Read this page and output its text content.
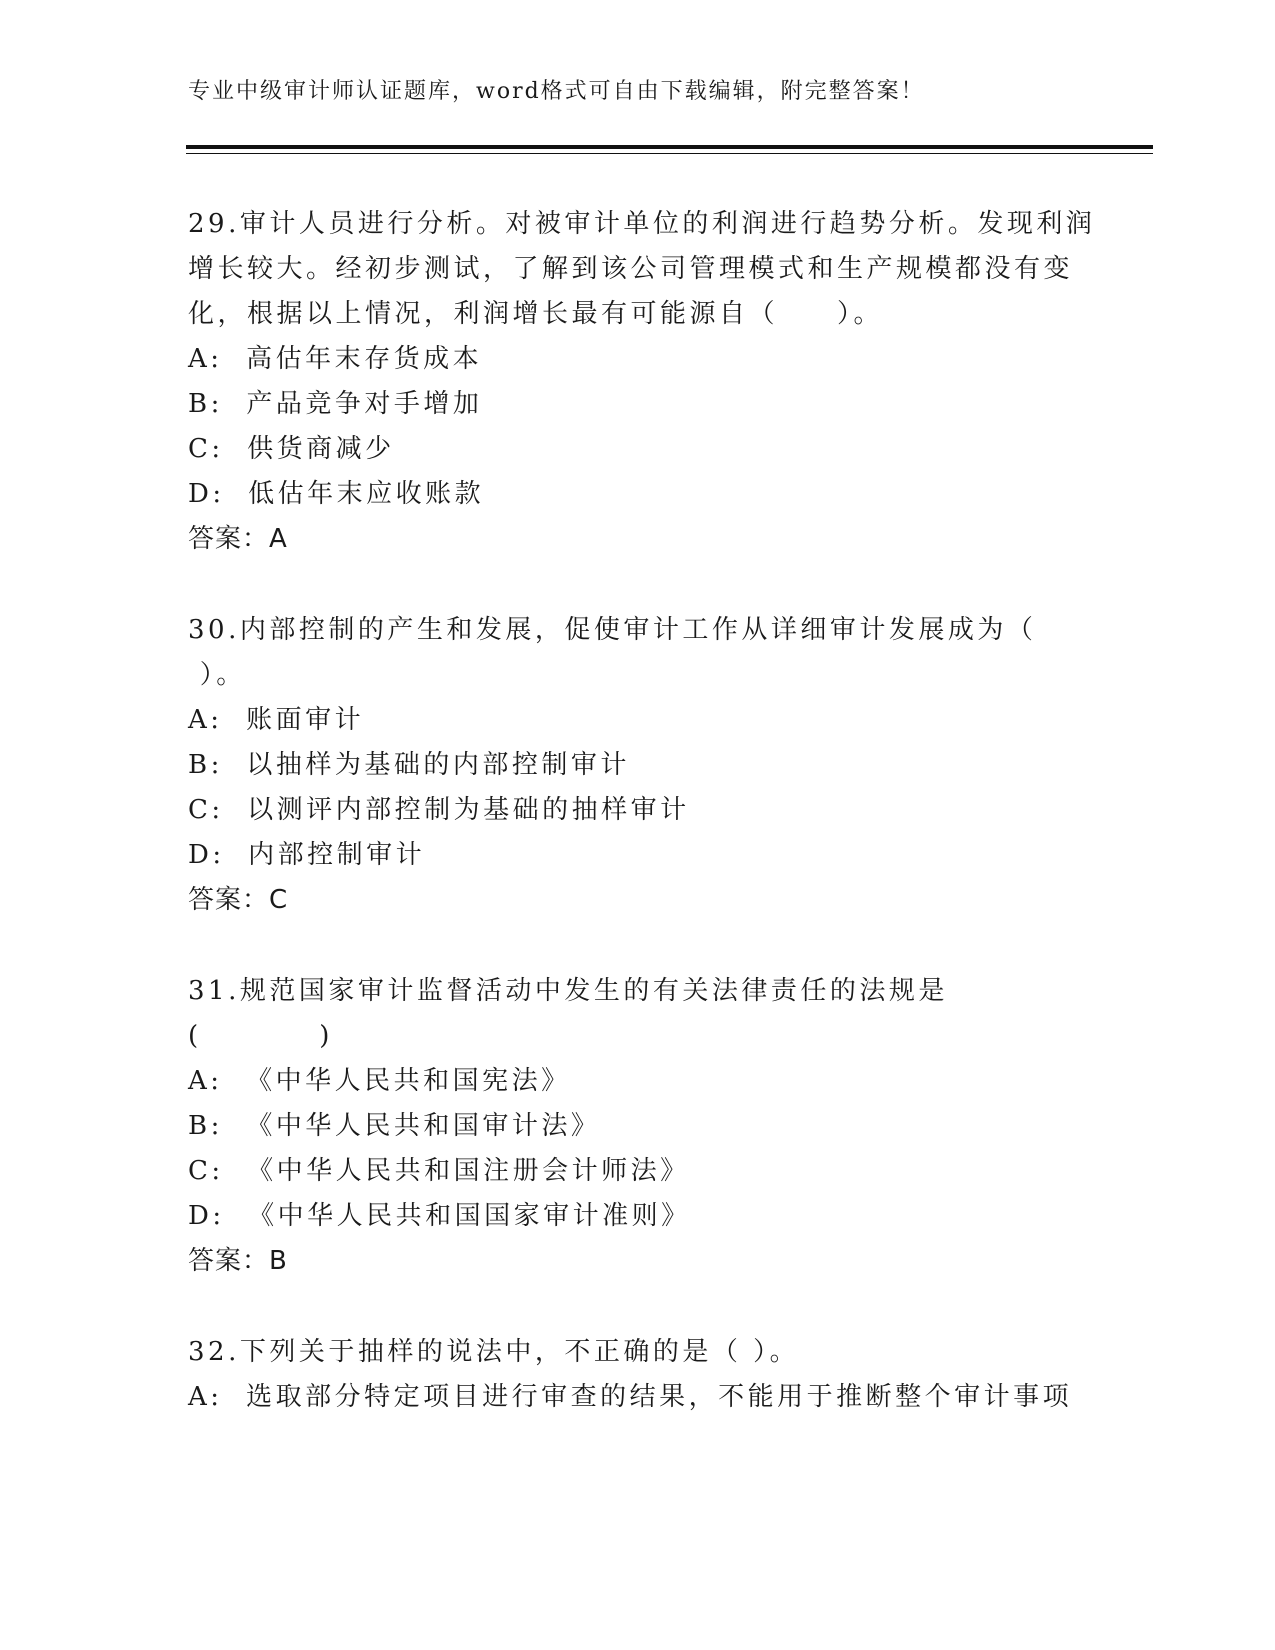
专业中级审计师认证题库，word格式可自由下载编辑，附完整答案！
29.审计人员进行分析。对被审计单位的利润进行趋势分析。发现利润
增长较大。经初步测试，了解到该公司管理模式和生产规模都没有变
化，根据以上情况，利润增长最有可能源自（　　）。
A:  高估年末存货成本
B:  产品竞争对手增加
C:  供货商减少
D:  低估年末应收账款
答案：A
30.内部控制的产生和发展，促使审计工作从详细审计发展成为（
）。
A:  账面审计
B:  以抽样为基础的内部控制审计
C:  以测评内部控制为基础的抽样审计
D:  内部控制审计
答案：C
31.规范国家审计监督活动中发生的有关法律责任的法规是
(          )
A:  《中华人民共和国宪法》
B:  《中华人民共和国审计法》
C:  《中华人民共和国注册会计师法》
D:  《中华人民共和国国家审计准则》
答案：B
32.下列关于抽样的说法中，不正确的是（ ）。
A:  选取部分特定项目进行审查的结果，不能用于推断整个审计事项
